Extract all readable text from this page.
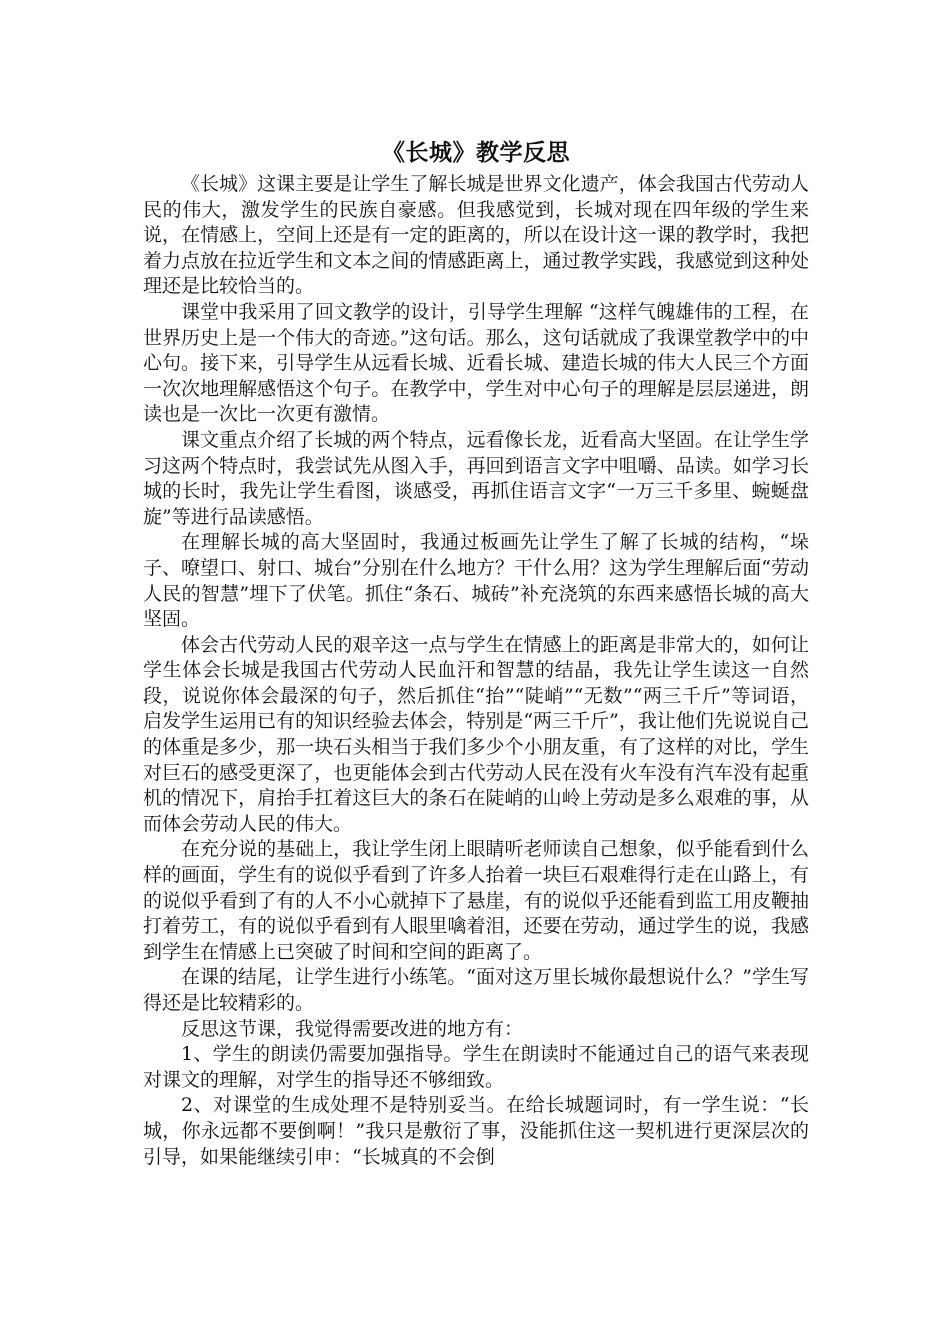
《长城》教学反思

《长城》这课主要是让学生了解长城是世界文化遗产，体会我国古代劳动人民的伟大，激发学生的民族自豪感。但我感觉到，长城对现在四年级的学生来说，在情感上，空间上还是有一定的距离的，所以在设计这一课的教学时，我把着力点放在拉近学生和文本之间的情感距离上，通过教学实践，我感觉到这种处理还是比较恰当的。

课堂中我采用了回文教学的设计，引导学生理解 “这样气魄雄伟的工程，在世界历史上是一个伟大的奇迹。”这句话。那么，这句话就成了我课堂教学中的中心句。接下来，引导学生从远看长城、近看长城、建造长城的伟大人民三个方面一次次地理解感悟这个句子。在教学中，学生对中心句子的理解是层层递进，朗读也是一次比一次更有激情。

课文重点介绍了长城的两个特点，远看像长龙，近看高大坚固。在让学生学习这两个特点时，我尝试先从图入手，再回到语言文字中咀嚼、品读。如学习长城的长时，我先让学生看图，谈感受，再抓住语言文字“一万三千多里、蜿蜒盘旋”等进行品读感悟。

在理解长城的高大坚固时，我通过板画先让学生了解了长城的结构，“垛子、嘹望口、射口、城台”分别在什么地方？干什么用？这为学生理解后面“劳动人民的智慧”埋下了伏笔。抓住“条石、城砖”补充浇筑的东西来感悟长城的高大坚固。

体会古代劳动人民的艰辛这一点与学生在情感上的距离是非常大的，如何让学生体会长城是我国古代劳动人民血汗和智慧的结晶，我先让学生读这一自然段，说说你体会最深的句子，然后抓住“抬”“陡峭”“无数”“两三千斤”等词语，启发学生运用已有的知识经验去体会，特别是“两三千斤”，我让他们先说说自己的体重是多少，那一块石头相当于我们多少个小朋友重，有了这样的对比，学生对巨石的感受更深了，也更能体会到古代劳动人民在没有火车没有汽车没有起重机的情况下，肩抬手扛着这巨大的条石在陡峭的山岭上劳动是多么艰难的事，从而体会劳动人民的伟大。

在充分说的基础上，我让学生闭上眼睛听老师读自己想象，似乎能看到什么样的画面，学生有的说似乎看到了许多人抬着一块巨石艰难得行走在山路上，有的说似乎看到了有的人不小心就掉下了悬崖，有的说似乎还能看到监工用皮鞭抽打着劳工，有的说似乎看到有人眼里噙着泪，还要在劳动，通过学生的说，我感到学生在情感上已突破了时间和空间的距离了。

在课的结尾，让学生进行小练笔。“面对这万里长城你最想说什么？”学生写得还是比较精彩的。

反思这节课，我觉得需要改进的地方有：

1、学生的朗读仍需要加强指导。学生在朗读时不能通过自己的语气来表现对课文的理解，对学生的指导还不够细致。

2、对课堂的生成处理不是特别妥当。在给长城题词时，有一学生说：“长城，你永远都不要倒啊！”我只是敷衍了事，没能抓住这一契机进行更深层次的引导，如果能继续引申：“长城真的不会倒
